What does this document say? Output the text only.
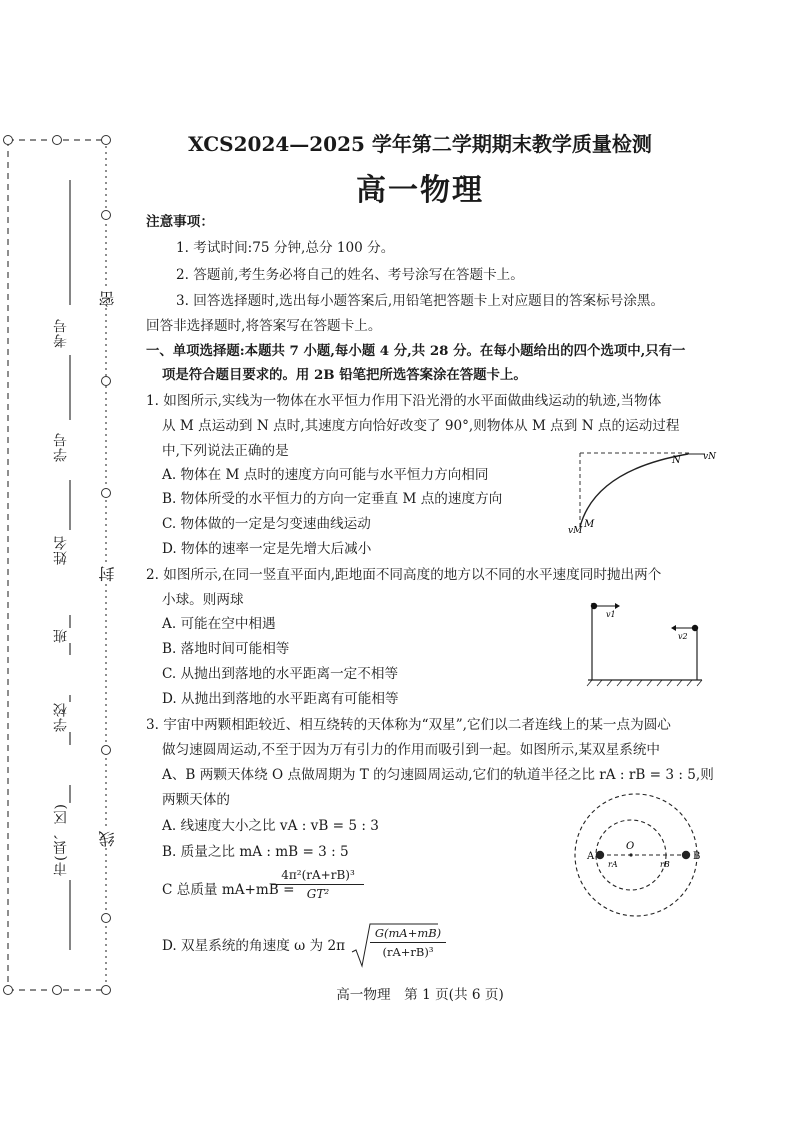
密
封
线
考号
学号
姓名
班
学校
市(县、区)
XCS2024—2025 学年第二学期期末教学质量检测
高一物理
注意事项：
1. 考试时间:75 分钟,总分 100 分。
2. 答题前,考生务必将自己的姓名、考号涂写在答题卡上。
3. 回答选择题时,选出每小题答案后,用铅笔把答题卡上对应题目的答案标号涂黑。
回答非选择题时,将答案写在答题卡上。
一、单项选择题:本题共 7 小题,每小题 4 分,共 28 分。在每小题给出的四个选项中,只有一
项是符合题目要求的。用 2B 铅笔把所选答案涂在答题卡上。
1. 如图所示,实线为一物体在水平恒力作用下沿光滑的水平面做曲线运动的轨迹,当物体
从 M 点运动到 N 点时,其速度方向恰好改变了 90°,则物体从 M 点到 N 点的运动过程
中,下列说法正确的是
A. 物体在 M 点时的速度方向可能与水平恒力方向相同
B. 物体所受的水平恒力的方向一定垂直 M 点的速度方向
C. 物体做的一定是匀变速曲线运动
D. 物体的速率一定是先增大后减小
N vN
M
vM
2. 如图所示,在同一竖直平面内,距地面不同高度的地方以不同的水平速度同时抛出两个
小球。则两球
A. 可能在空中相遇
B. 落地时间可能相等
C. 从抛出到落地的水平距离一定不相等
D. 从抛出到落地的水平距离有可能相等
v1
v2
3. 宇宙中两颗相距较近、相互绕转的天体称为“双星”,它们以二者连线上的某一点为圆心
做匀速圆周运动,不至于因为万有引力的作用而吸引到一起。如图所示,某双星系统中
A、B 两颗天体绕 O 点做周期为 T 的匀速圆周运动,它们的轨道半径之比 rA : rB = 3 : 5,则
两颗天体的
A. 线速度大小之比 vA : vB = 5 : 3
B. 质量之比 mA : mB = 3 : 5
C 总质量 mA+mB =
$\frac{\text{4π²(rA+rB)³}}{\text{GT²}}$
D. 双星系统的角速度 ω 为 $2\pi \frac{G(mA+mB)}{\text{(rA+rB)³}}$
A	B
O
rA	rB
高一物理　第 1 页(共 6 页)
